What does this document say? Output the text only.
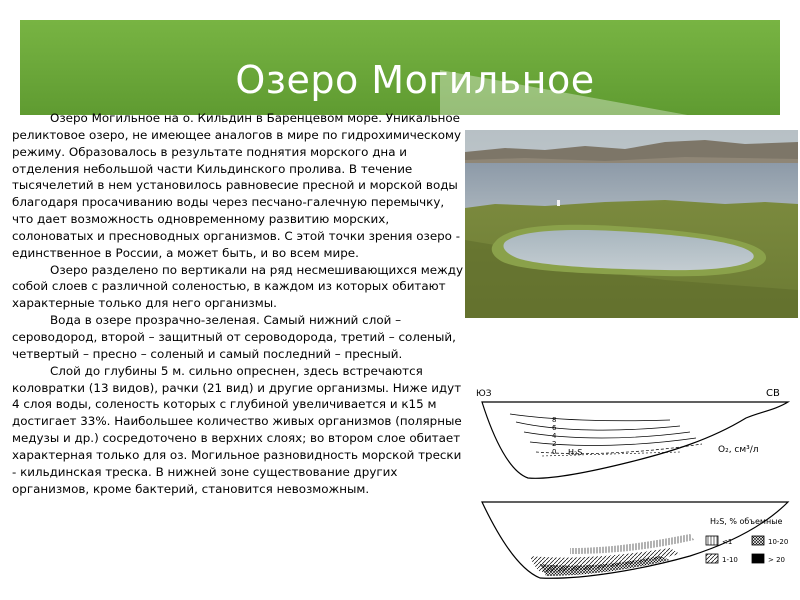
Озеро Могильное

Озеро Могильное на о. Кильдин в Баренцевом море. Уникальное реликтовое озеро, не имеющее аналогов в мире по гидрохимическому режиму. Образовалось в результате поднятия морского дна и отделения небольшой части Кильдинского пролива. В течение тысячелетий в нем установилось равновесие пресной и морской воды благодаря просачиванию воды через песчано-галечную перемычку, что дает возможность одновременному развитию морских, солоноватых и пресноводных организмов. С этой точки зрения озеро - единственное в России, а может быть, и во всем мире.

Озеро разделено по вертикали на ряд несмешивающихся между собой слоев с различной соленостью, в каждом из которых обитают характерные только для него организмы.

Вода в озере прозрачно-зеленая. Самый нижний слой – сероводород, второй – защитный от сероводорода, третий – соленый, четвертый – пресно – соленый и самый последний – пресный.

Слой до глубины 5 м. сильно опреснен, здесь встречаются коловратки (13 видов), рачки (21 вид) и другие организмы. Ниже идут 4 слоя воды, соленость которых с глубиной увеличивается и к15 м достигает 33%. Наибольшее количество живых организмов (полярные медузы и др.) сосредоточено в верхних слоях; во втором слое обитает характерная только для оз. Могильное разновидность морской трески - кильдинская треска. В нижней зоне существование других организмов, кроме бактерий, становится невозможным.

ЮЗ	СВ
8
6
4
2
0 H₂S	O₂, см³/л
H₂S, % объемные
<1	10-20
1-10	> 20
